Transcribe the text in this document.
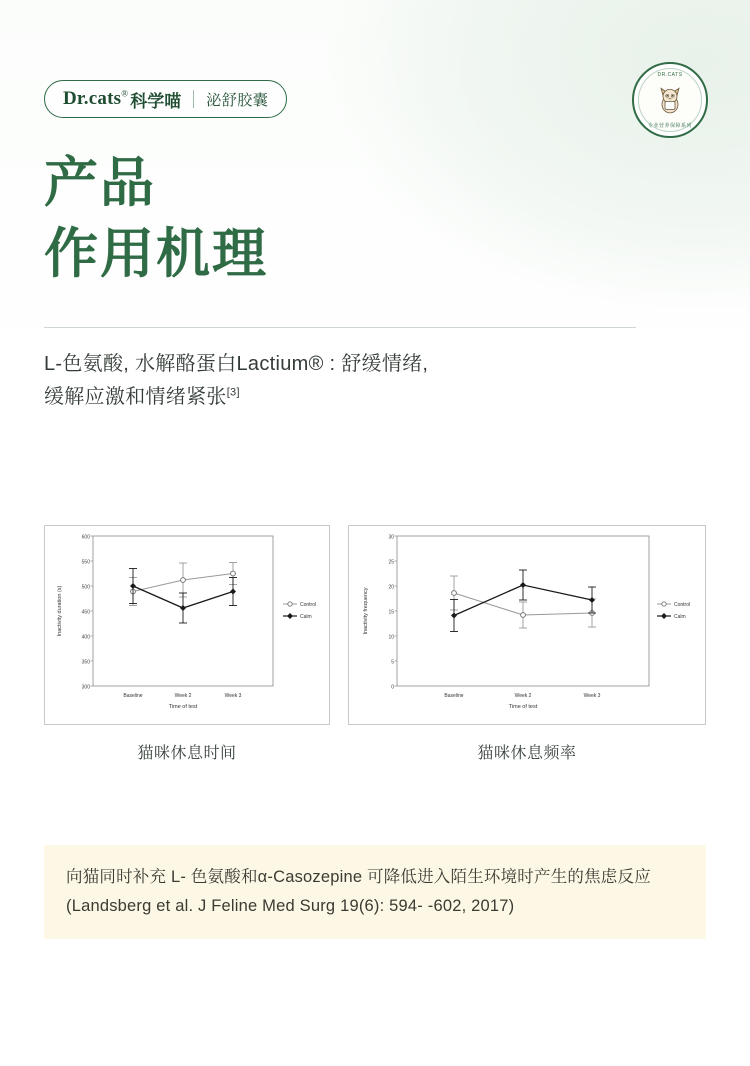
Dr.cats® 科学喵 泌舒胶囊
DR.CATS
专业营养保障系列
产品
作用机理
L-色氨酸, 水解酪蛋白Lactium® : 舒缓情绪,
缓解应激和情绪紧张[3]
600
550
500
450
400
350
300
Inactivity duration (s)
Baseline	Week 2	Week 3
Time of test
Control
Calm
30
25
20
15
10
5
0
Inactivity frequency
Baseline	Week 2	Week 3
Time of test
Control
Calm
猫咪休息时间	猫咪休息频率
向猫同时补充 L- 色氨酸和α-Casozepine 可降低进入陌生环境时产生的焦虑反应 (Landsberg et al. J Feline Med Surg 19(6): 594- -602, 2017)
